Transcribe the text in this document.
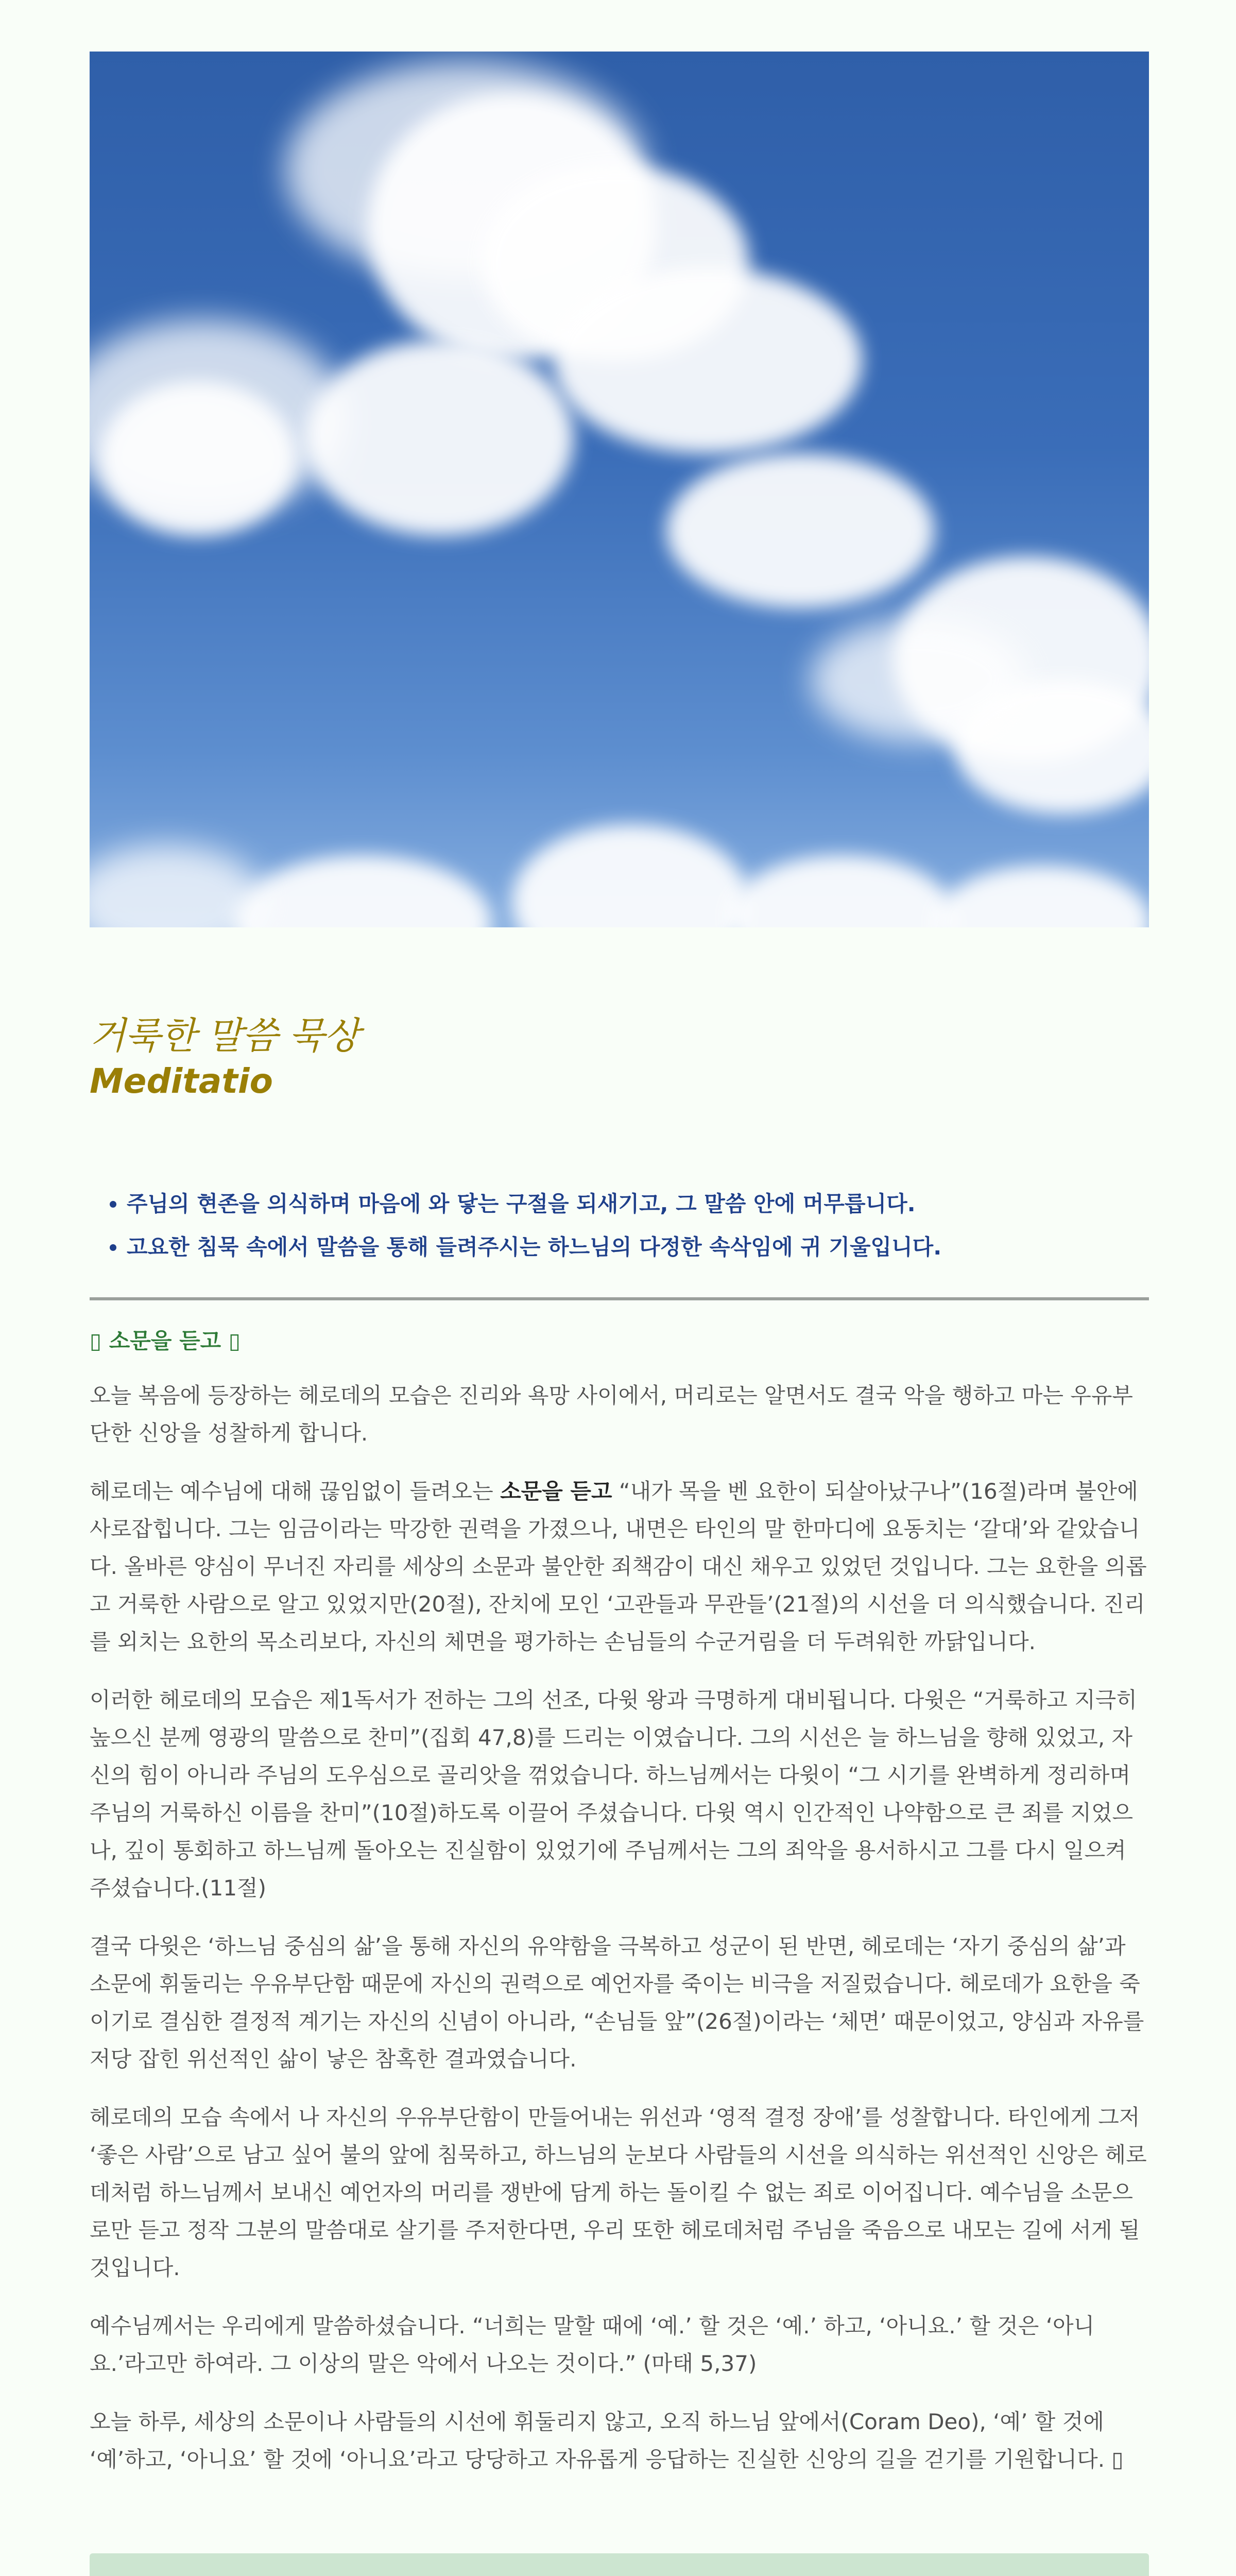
거룩한 말씀 묵상
Meditatio
• 주님의 현존을 의식하며 마음에 와 닿는 구절을 되새기고, 그 말씀 안에 머무릅니다.
• 고요한 침묵 속에서 말씀을 통해 들려주시는 하느님의 다정한 속삭임에 귀 기울입니다.
▯ 소문을 듣고 ▯

오늘 복음에 등장하는 헤로데의 모습은 진리와 욕망 사이에서, 머리로는 알면서도 결국 악을 행하고 마는 우유부단한 신앙을 성찰하게 합니다.

헤로데는 예수님에 대해 끊임없이 들려오는 소문을 듣고 “내가 목을 벤 요한이 되살아났구나”(16절)라며 불안에 사로잡힙니다. 그는 임금이라는 막강한 권력을 가졌으나, 내면은 타인의 말 한마디에 요동치는 ‘갈대’와 같았습니다. 올바른 양심이 무너진 자리를 세상의 소문과 불안한 죄책감이 대신 채우고 있었던 것입니다. 그는 요한을 의롭고 거룩한 사람으로 알고 있었지만(20절), 잔치에 모인 ‘고관들과 무관들’(21절)의 시선을 더 의식했습니다. 진리를 외치는 요한의 목소리보다, 자신의 체면을 평가하는 손님들의 수군거림을 더 두려워한 까닭입니다.

이러한 헤로데의 모습은 제1독서가 전하는 그의 선조, 다윗 왕과 극명하게 대비됩니다. 다윗은 “거룩하고 지극히 높으신 분께 영광의 말씀으로 찬미”(집회 47,8)를 드리는 이였습니다. 그의 시선은 늘 하느님을 향해 있었고, 자신의 힘이 아니라 주님의 도우심으로 골리앗을 꺾었습니다. 하느님께서는 다윗이 “그 시기를 완벽하게 정리하며 주님의 거룩하신 이름을 찬미”(10절)하도록 이끌어 주셨습니다. 다윗 역시 인간적인 나약함으로 큰 죄를 지었으나, 깊이 통회하고 하느님께 돌아오는 진실함이 있었기에 주님께서는 그의 죄악을 용서하시고 그를 다시 일으켜 주셨습니다.(11절)

결국 다윗은 ‘하느님 중심의 삶’을 통해 자신의 유약함을 극복하고 성군이 된 반면, 헤로데는 ‘자기 중심의 삶’과 소문에 휘둘리는 우유부단함 때문에 자신의 권력으로 예언자를 죽이는 비극을 저질렀습니다. 헤로데가 요한을 죽이기로 결심한 결정적 계기는 자신의 신념이 아니라, “손님들 앞”(26절)이라는 ‘체면’ 때문이었고, 양심과 자유를 저당 잡힌 위선적인 삶이 낳은 참혹한 결과였습니다.

헤로데의 모습 속에서 나 자신의 우유부단함이 만들어내는 위선과 ‘영적 결정 장애’를 성찰합니다. 타인에게 그저 ‘좋은 사람’으로 남고 싶어 불의 앞에 침묵하고, 하느님의 눈보다 사람들의 시선을 의식하는 위선적인 신앙은 헤로데처럼 하느님께서 보내신 예언자의 머리를 쟁반에 담게 하는 돌이킬 수 없는 죄로 이어집니다. 예수님을 소문으로만 듣고 정작 그분의 말씀대로 살기를 주저한다면, 우리 또한 헤로데처럼 주님을 죽음으로 내모는 길에 서게 될 것입니다.

예수님께서는 우리에게 말씀하셨습니다. “너희는 말할 때에 ‘예.’ 할 것은 ‘예.’ 하고, ‘아니요.’ 할 것은 ‘아니요.’라고만 하여라. 그 이상의 말은 악에서 나오는 것이다.” (마태 5,37)

오늘 하루, 세상의 소문이나 사람들의 시선에 휘둘리지 않고, 오직 하느님 앞에서(Coram Deo), ‘예’ 할 것에 ‘예’하고, ‘아니요’ 할 것에 ‘아니요’라고 당당하고 자유롭게 응답하는 진실한 신앙의 길을 걷기를 기원합니다. ▯
